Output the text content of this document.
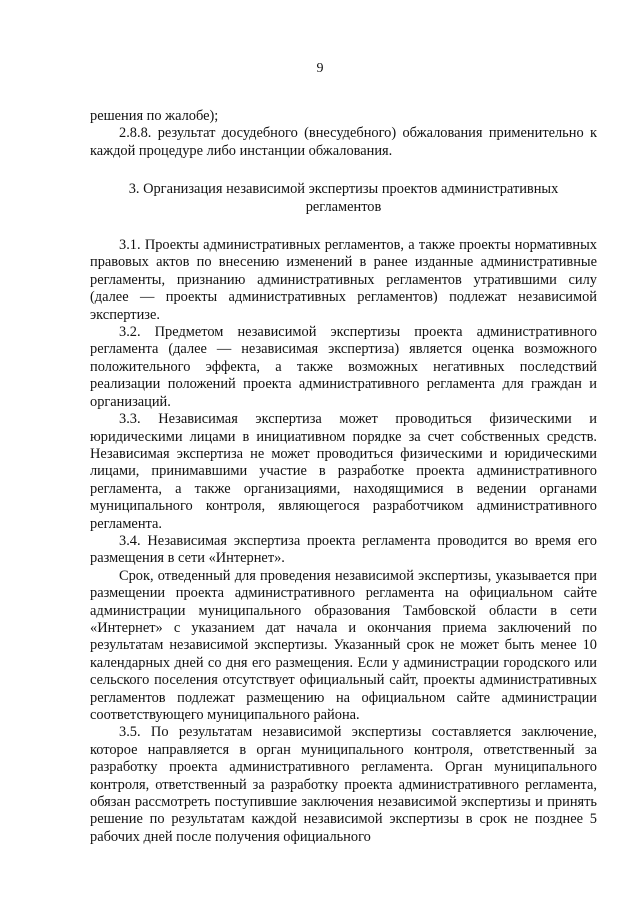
9

решения по жалобе);

2.8.8. результат досудебного (внесудебного) обжалования применительно к каждой процедуре либо инстанции обжалования.

3. Организация независимой экспертизы проектов административных
регламентов

3.1. Проекты административных регламентов, а также проекты нормативных правовых актов по внесению изменений в ранее изданные административные регламенты, признанию административных регламентов утратившими силу (далее — проекты административных регламентов) подлежат независимой экспертизе.

3.2. Предметом независимой экспертизы проекта административного регламента (далее — независимая экспертиза) является оценка возможного положительного эффекта, а также возможных негативных последствий реализации положений проекта административного регламента для граждан и организаций.

3.3. Независимая экспертиза может проводиться физическими и юридическими лицами в инициативном порядке за счет собственных средств. Независимая экспертиза не может проводиться физическими и юридическими лицами, принимавшими участие в разработке проекта административного регламента, а также организациями, находящимися в ведении органами муниципального контроля, являющегося разработчиком административного регламента.

3.4. Независимая экспертиза проекта регламента проводится во время его размещения в сети «Интернет».

Срок, отведенный для проведения независимой экспертизы, указывается при размещении проекта административного регламента на официальном сайте администрации муниципального образования Тамбовской области в сети «Интернет» с указанием дат начала и окончания приема заключений по результатам независимой экспертизы. Указанный срок не может быть менее 10 календарных дней со дня его размещения. Если у администрации городского или сельского поселения отсутствует официальный сайт, проекты административных регламентов подлежат размещению на официальном сайте администрации соответствующего муниципального района.

3.5. По результатам независимой экспертизы составляется заключение, которое направляется в орган муниципального контроля, ответственный за разработку проекта административного регламента. Орган муниципального контроля, ответственный за разработку проекта административного регламента, обязан рассмотреть поступившие заключения независимой экспертизы и принять решение по результатам каждой независимой экспертизы в срок не позднее 5 рабочих дней после получения официального
